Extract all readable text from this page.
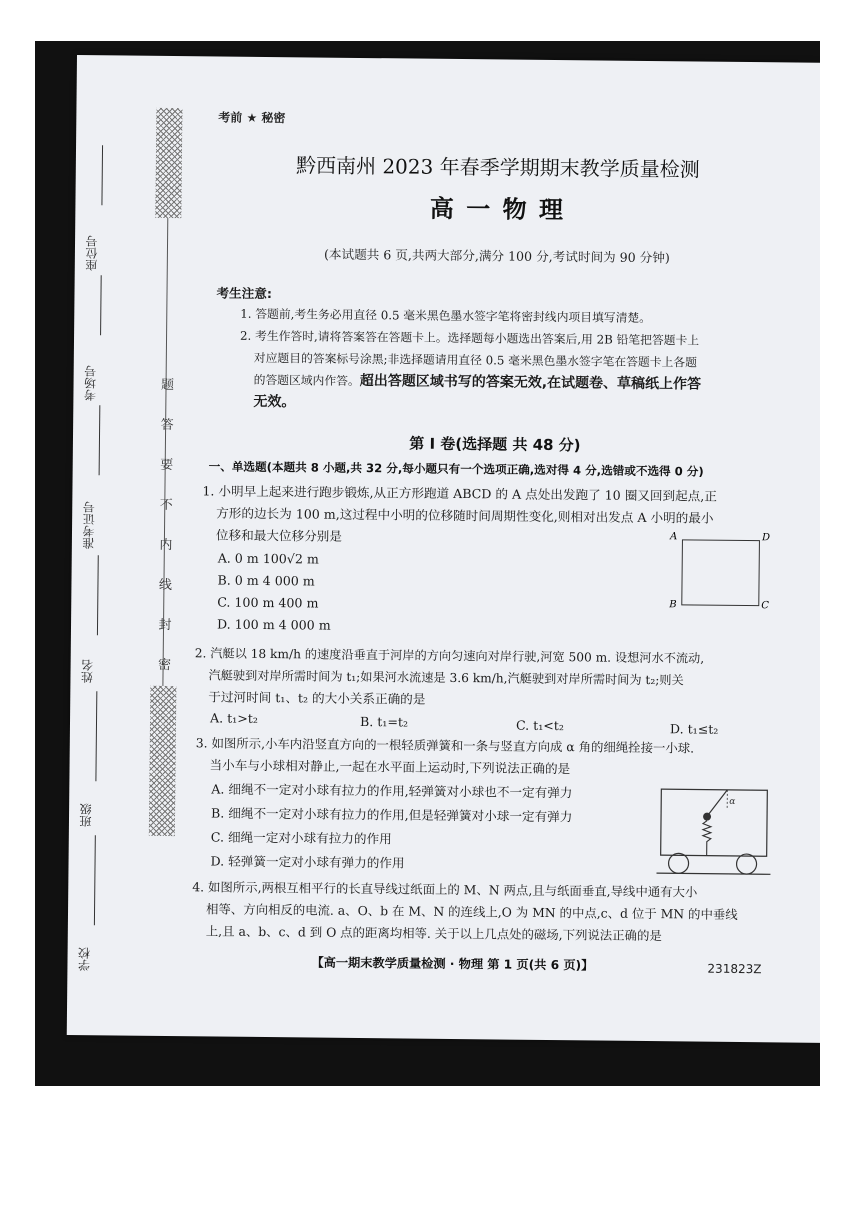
题
答
要
不
内
线
封
密
座位号
考场号
准考证号
姓名
班级
学校
考前 ★ 秘密
黔西南州 2023 年春季学期期末教学质量检测
高 一 物 理
(本试题共 6 页,共两大部分,满分 100 分,考试时间为 90 分钟)
考生注意:
1. 答题前,考生务必用直径 0.5 毫米黑色墨水签字笔将密封线内项目填写清楚。
2. 考生作答时,请将答案答在答题卡上。选择题每小题选出答案后,用 2B 铅笔把答题卡上
对应题目的答案标号涂黑;非选择题请用直径 0.5 毫米黑色墨水签字笔在答题卡上各题
的答题区域内作答。超出答题区域书写的答案无效,在试题卷、草稿纸上作答
无效。
第 Ⅰ 卷(选择题 共 48 分)
一、单选题(本题共 8 小题,共 32 分,每小题只有一个选项正确,选对得 4 分,选错或不选得 0 分)
1. 小明早上起来进行跑步锻炼,从正方形跑道 ABCD 的 A 点处出发跑了 10 圈又回到起点,正
方形的边长为 100 m,这过程中小明的位移随时间周期性变化,则相对出发点 A 小明的最小
位移和最大位移分别是
A. 0 m 100√2 m
B. 0 m 4 000 m
C. 100 m 400 m
D. 100 m 4 000 m
A	D
B	C
2. 汽艇以 18 km/h 的速度沿垂直于河岸的方向匀速向对岸行驶,河宽 500 m. 设想河水不流动,
汽艇驶到对岸所需时间为 t₁;如果河水流速是 3.6 km/h,汽艇驶到对岸所需时间为 t₂;则关
于过河时间 t₁、t₂ 的大小关系正确的是
A. t₁>t₂	B. t₁=t₂	C. t₁<t₂	D. t₁≤t₂
3. 如图所示,小车内沿竖直方向的一根轻质弹簧和一条与竖直方向成 α 角的细绳拴接一小球.
当小车与小球相对静止,一起在水平面上运动时,下列说法正确的是
A. 细绳不一定对小球有拉力的作用,轻弹簧对小球也不一定有弹力
B. 细绳不一定对小球有拉力的作用,但是轻弹簧对小球一定有弹力
C. 细绳一定对小球有拉力的作用
D. 轻弹簧一定对小球有弹力的作用
α
4. 如图所示,两根互相平行的长直导线过纸面上的 M、N 两点,且与纸面垂直,导线中通有大小
相等、方向相反的电流. a、O、b 在 M、N 的连线上,O 为 MN 的中点,c、d 位于 MN 的中垂线
上,且 a、b、c、d 到 O 点的距离均相等. 关于以上几点处的磁场,下列说法正确的是
【高一期末教学质量检测 · 物理 第 1 页(共 6 页)】	231823Z
